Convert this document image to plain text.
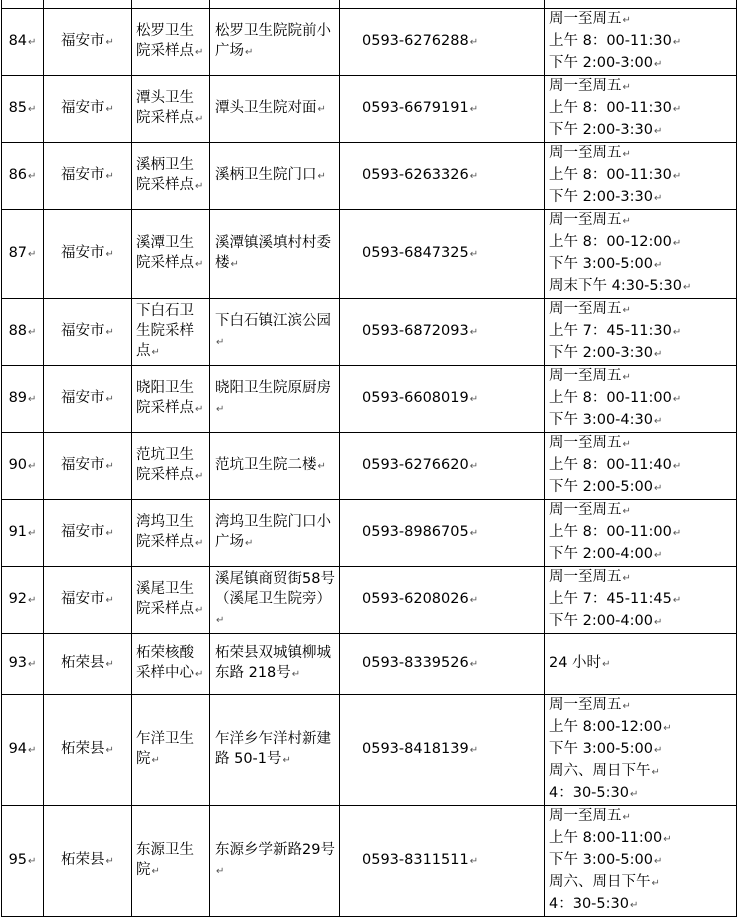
84↵	福安市↵	松罗卫生院采样点↵	松罗卫生院院前小广场↵	0593-6276288↵	周一至周五↵
上午 8：00-11:30↵
下午 2:00-3:00↵

85↵	福安市↵	潭头卫生院采样点↵	潭头卫生院对面↵	0593-6679191↵	周一至周五↵
上午 8：00-11:30↵
下午 2:00-3:30↵

86↵	福安市↵	溪柄卫生院采样点↵	溪柄卫生院门口↵	0593-6263326↵	周一至周五↵
上午 8：00-11:30↵
下午 2:00-3:30↵

87↵	福安市↵	溪潭卫生院采样点↵	溪潭镇溪填村村委楼↵	0593-6847325↵	周一至周五↵
上午 8：00-12:00↵
下午 3:00-5:00↵
周末下午 4:30-5:30↵

88↵	福安市↵	下白石卫生院采样点↵	下白石镇江滨公园↵	0593-6872093↵	周一至周五↵
上午 7：45-11:30↵
下午 2:00-3:30↵

89↵	福安市↵	晓阳卫生院采样点↵	晓阳卫生院原厨房↵	0593-6608019↵	周一至周五↵
上午 8：00-11:00↵
下午 3:00-4:30↵

90↵	福安市↵	范坑卫生院采样点↵	范坑卫生院二楼↵	0593-6276620↵	周一至周五↵
上午 8：00-11:40↵
下午 2:00-5:00↵

91↵	福安市↵	湾坞卫生院采样点↵	湾坞卫生院门口小广场↵	0593-8986705↵	周一至周五↵
上午 8：00-11:00↵
下午 2:00-4:00↵

92↵	福安市↵	溪尾卫生院采样点↵	溪尾镇商贸街58号（溪尾卫生院旁）↵	0593-6208026↵	周一至周五↵
上午 7：45-11:45↵
下午 2:00-4:00↵

93↵	柘荣县↵	柘荣核酸采样中心↵	柘荣县双城镇柳城东路 218号↵	0593-8339526↵	24 小时↵

94↵	柘荣县↵	乍洋卫生院↵	乍洋乡乍洋村新建路 50-1号↵	0593-8418139↵	周一至周五↵
上午 8:00-12:00↵
下午 3:00-5:00↵
周六、周日下午↵
4：30-5:30↵

95↵	柘荣县↵	东源卫生院↵	东源乡学新路29号↵	0593-8311511↵	周一至周五↵
上午 8:00-11:00↵
下午 3:00-5:00↵
周六、周日下午↵
4：30-5:30↵
